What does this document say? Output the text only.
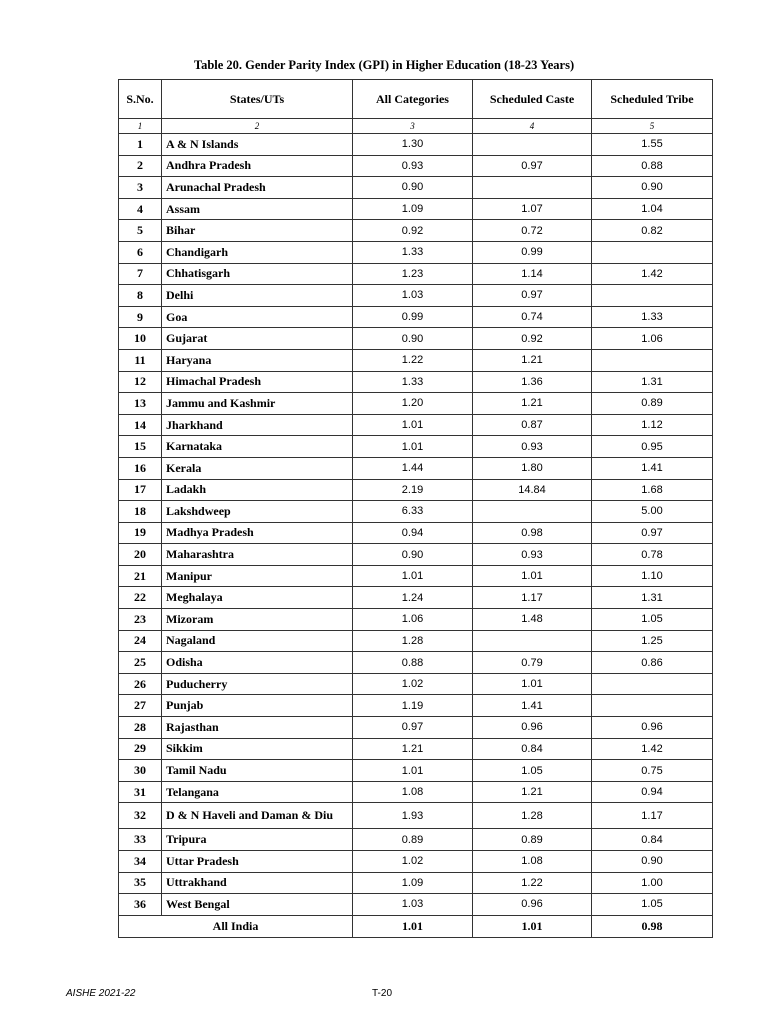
Table 20. Gender Parity Index (GPI) in Higher Education (18-23 Years)
S.No.	States/UTs	All Categories	Scheduled Caste	Scheduled Tribe
1	2	3	4	5
1	A & N Islands	1.30		1.55
2	Andhra Pradesh	0.93	0.97	0.88
3	Arunachal Pradesh	0.90		0.90
4	Assam	1.09	1.07	1.04
5	Bihar	0.92	0.72	0.82
6	Chandigarh	1.33	0.99	
7	Chhatisgarh	1.23	1.14	1.42
8	Delhi	1.03	0.97	
9	Goa	0.99	0.74	1.33
10	Gujarat	0.90	0.92	1.06
11	Haryana	1.22	1.21	
12	Himachal Pradesh	1.33	1.36	1.31
13	Jammu and Kashmir	1.20	1.21	0.89
14	Jharkhand	1.01	0.87	1.12
15	Karnataka	1.01	0.93	0.95
16	Kerala	1.44	1.80	1.41
17	Ladakh	2.19	14.84	1.68
18	Lakshdweep	6.33		5.00
19	Madhya Pradesh	0.94	0.98	0.97
20	Maharashtra	0.90	0.93	0.78
21	Manipur	1.01	1.01	1.10
22	Meghalaya	1.24	1.17	1.31
23	Mizoram	1.06	1.48	1.05
24	Nagaland	1.28		1.25
25	Odisha	0.88	0.79	0.86
26	Puducherry	1.02	1.01	
27	Punjab	1.19	1.41	
28	Rajasthan	0.97	0.96	0.96
29	Sikkim	1.21	0.84	1.42
30	Tamil Nadu	1.01	1.05	0.75
31	Telangana	1.08	1.21	0.94
32	D & N Haveli and Daman & Diu	1.93	1.28	1.17
33	Tripura	0.89	0.89	0.84
34	Uttar Pradesh	1.02	1.08	0.90
35	Uttrakhand	1.09	1.22	1.00
36	West Bengal	1.03	0.96	1.05
All India		1.01	1.01	0.98
AISHE 2021-22	T-20
